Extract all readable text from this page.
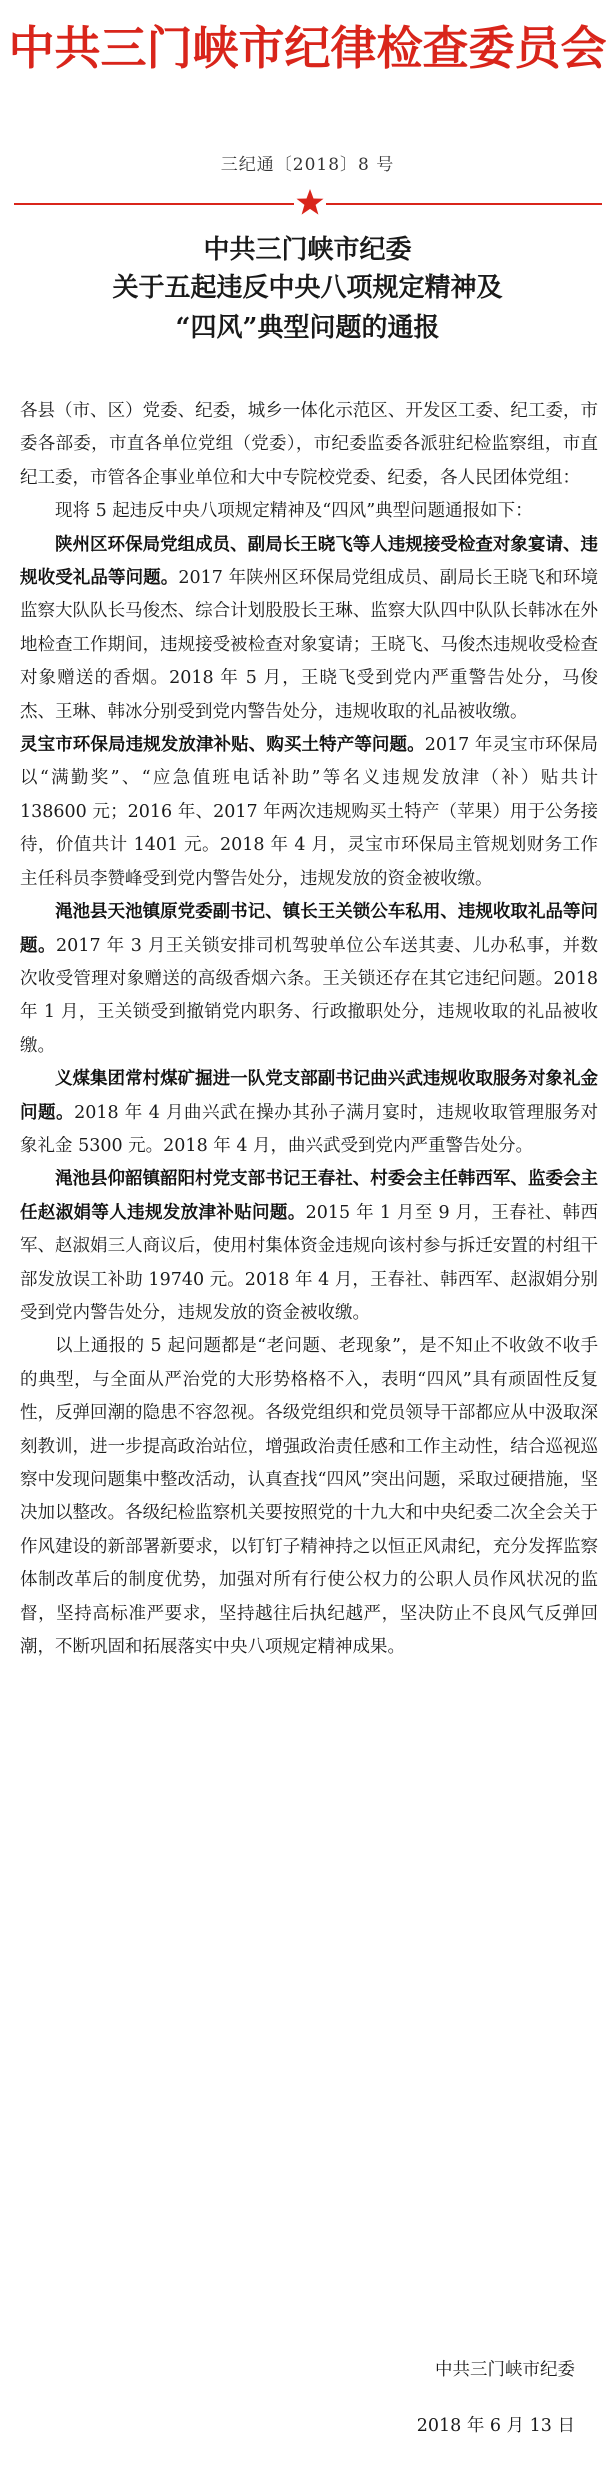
中共三门峡市纪律检查委员会
三纪通〔2018〕8 号
中共三门峡市纪委
关于五起违反中央八项规定精神及
“四风”典型问题的通报

各县（市、区）党委、纪委，城乡一体化示范区、开发区工委、纪工委，市委各部委，市直各单位党组（党委），市纪委监委各派驻纪检监察组，市直纪工委，市管各企事业单位和大中专院校党委、纪委，各人民团体党组：

现将 5 起违反中央八项规定精神及“四风”典型问题通报如下：

陕州区环保局党组成员、副局长王晓飞等人违规接受检查对象宴请、违规收受礼品等问题。2017 年陕州区环保局党组成员、副局长王晓飞和环境监察大队队长马俊杰、综合计划股股长王琳、监察大队四中队队长韩冰在外地检查工作期间，违规接受被检查对象宴请；王晓飞、马俊杰违规收受检查对象赠送的香烟。2018 年 5 月，王晓飞受到党内严重警告处分，马俊杰、王琳、韩冰分别受到党内警告处分，违规收取的礼品被收缴。

灵宝市环保局违规发放津补贴、购买土特产等问题。2017 年灵宝市环保局以“满勤奖”、“应急值班电话补助”等名义违规发放津（补）贴共计 138600 元；2016 年、2017 年两次违规购买土特产（苹果）用于公务接待，价值共计 1401 元。2018 年 4 月，灵宝市环保局主管规划财务工作主任科员李赞峰受到党内警告处分，违规发放的资金被收缴。

渑池县天池镇原党委副书记、镇长王关锁公车私用、违规收取礼品等问题。2017 年 3 月王关锁安排司机驾驶单位公车送其妻、儿办私事，并数次收受管理对象赠送的高级香烟六条。王关锁还存在其它违纪问题。2018 年 1 月，王关锁受到撤销党内职务、行政撤职处分，违规收取的礼品被收缴。

义煤集团常村煤矿掘进一队党支部副书记曲兴武违规收取服务对象礼金问题。2018 年 4 月曲兴武在操办其孙子满月宴时，违规收取管理服务对象礼金 5300 元。2018 年 4 月，曲兴武受到党内严重警告处分。

渑池县仰韶镇韶阳村党支部书记王春社、村委会主任韩西军、监委会主任赵淑娟等人违规发放津补贴问题。2015 年 1 月至 9 月，王春社、韩西军、赵淑娟三人商议后，使用村集体资金违规向该村参与拆迁安置的村组干部发放误工补助 19740 元。2018 年 4 月，王春社、韩西军、赵淑娟分别受到党内警告处分，违规发放的资金被收缴。

以上通报的 5 起问题都是“老问题、老现象”，是不知止不收敛不收手的典型，与全面从严治党的大形势格格不入，表明“四风”具有顽固性反复性，反弹回潮的隐患不容忽视。各级党组织和党员领导干部都应从中汲取深刻教训，进一步提高政治站位，增强政治责任感和工作主动性，结合巡视巡察中发现问题集中整改活动，认真查找“四风”突出问题，采取过硬措施，坚决加以整改。各级纪检监察机关要按照党的十九大和中央纪委二次全会关于作风建设的新部署新要求，以钉钉子精神持之以恒正风肃纪，充分发挥监察体制改革后的制度优势，加强对所有行使公权力的公职人员作风状况的监督，坚持高标准严要求，坚持越往后执纪越严，坚决防止不良风气反弹回潮，不断巩固和拓展落实中央八项规定精神成果。

中共三门峡市纪委
2018 年 6 月 13 日
